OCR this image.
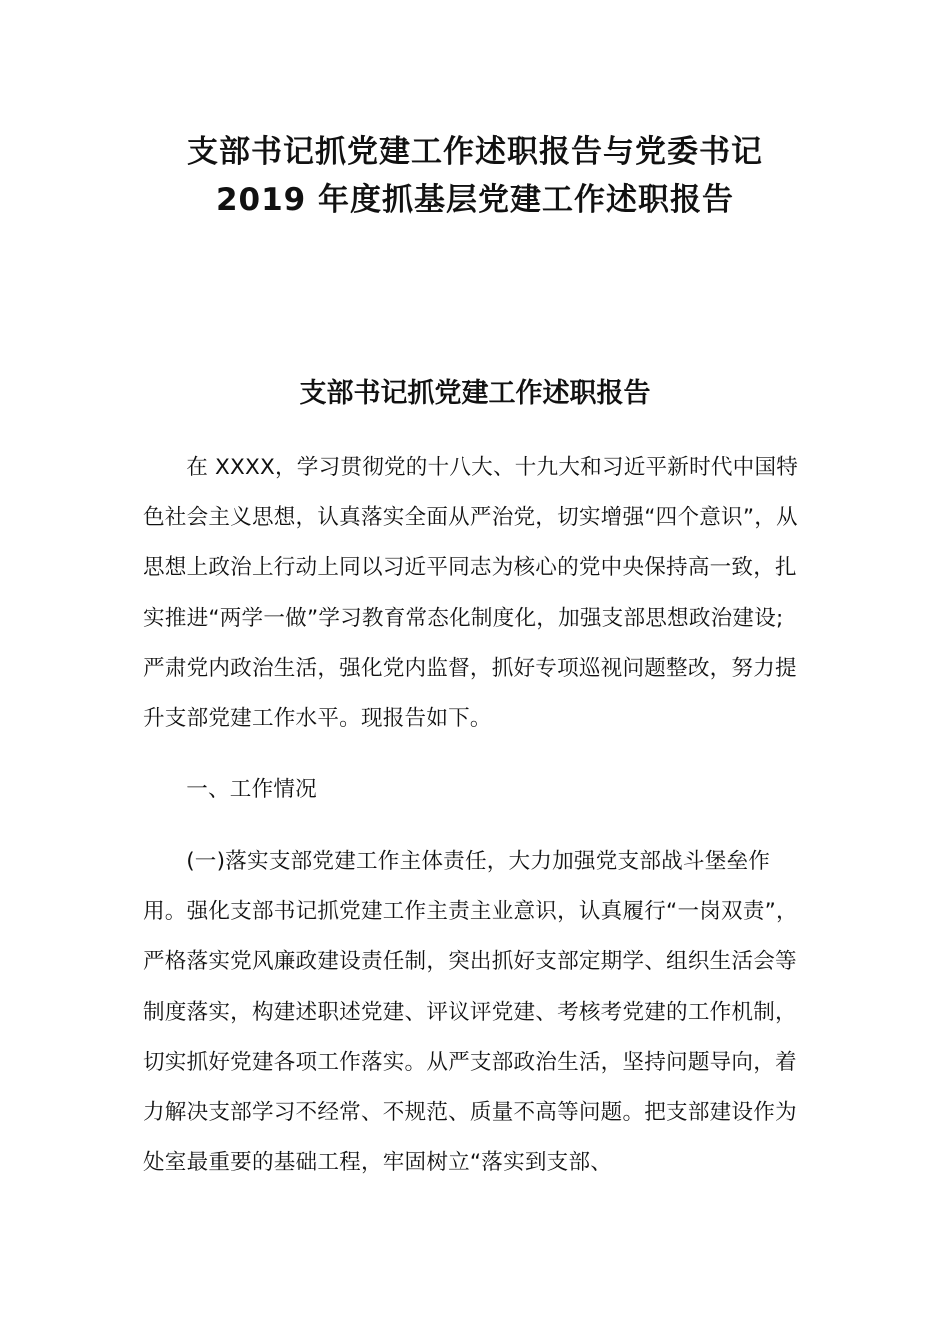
支部书记抓党建工作述职报告与党委书记
2019 年度抓基层党建工作述职报告
支部书记抓党建工作述职报告

在 XXXX，学习贯彻党的十八大、十九大和习近平新时代中国特色社会主义思想，认真落实全面从严治党，切实增强“四个意识”，从思想上政治上行动上同以习近平同志为核心的党中央保持高一致，扎实推进“两学一做”学习教育常态化制度化，加强支部思想政治建设;严肃党内政治生活，强化党内监督，抓好专项巡视问题整改，努力提升支部党建工作水平。现报告如下。

一、工作情况

(一)落实支部党建工作主体责任，大力加强党支部战斗堡垒作用。强化支部书记抓党建工作主责主业意识，认真履行“一岗双责”，严格落实党风廉政建设责任制，突出抓好支部定期学、组织生活会等制度落实，构建述职述党建、评议评党建、考核考党建的工作机制，切实抓好党建各项工作落实。从严支部政治生活，坚持问题导向，着力解决支部学习不经常、不规范、质量不高等问题。把支部建设作为处室最重要的基础工程，牢固树立“落实到支部、
